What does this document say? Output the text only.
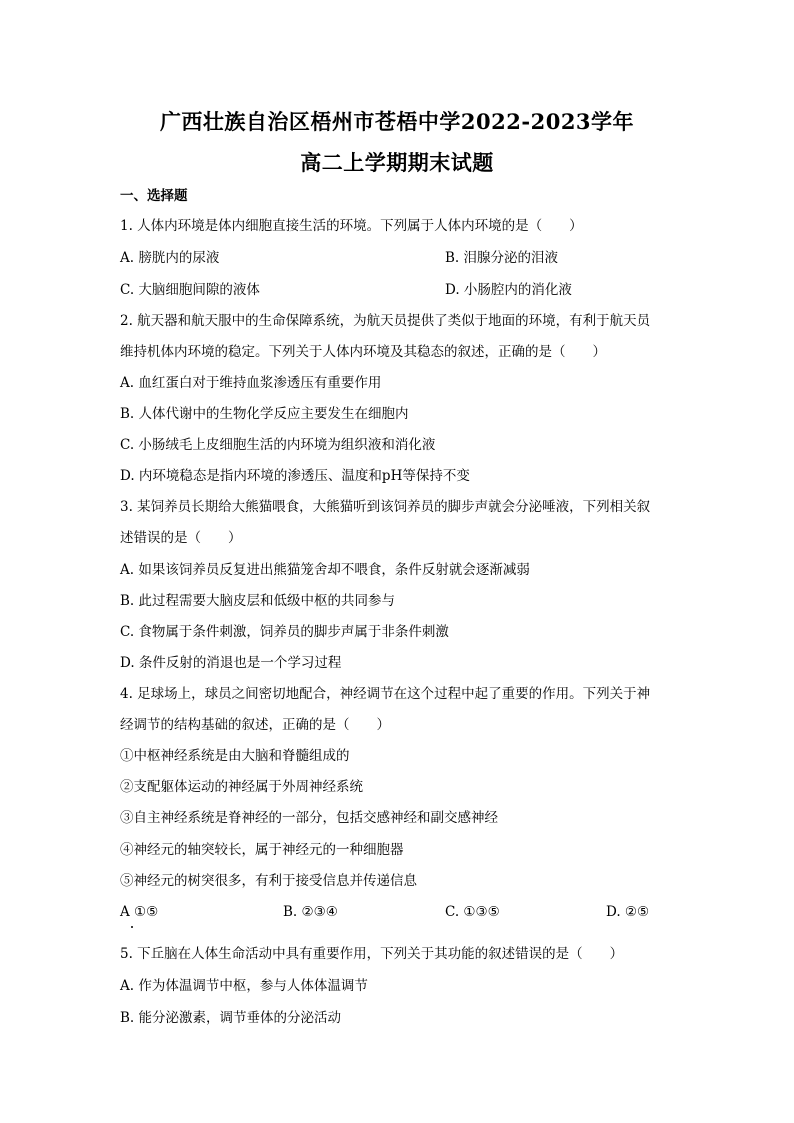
广西壮族自治区梧州市苍梧中学2022-2023学年
高二上学期期末试题
一、选择题
1. 人体内环境是体内细胞直接生活的环境。下列属于人体内环境的是（　　）
A. 膀胱内的尿液	B. 泪腺分泌的泪液
C. 大脑细胞间隙的液体	D. 小肠腔内的消化液
2. 航天器和航天服中的生命保障系统，为航天员提供了类似于地面的环境，有利于航天员
维持机体内环境的稳定。下列关于人体内环境及其稳态的叙述，正确的是（　　）
A. 血红蛋白对于维持血浆渗透压有重要作用
B. 人体代谢中的生物化学反应主要发生在细胞内
C. 小肠绒毛上皮细胞生活的内环境为组织液和消化液
D. 内环境稳态是指内环境的渗透压、温度和pH等保持不变
3. 某饲养员长期给大熊猫喂食，大熊猫听到该饲养员的脚步声就会分泌唾液，下列相关叙
述错误的是（　　）
A. 如果该饲养员反复进出熊猫笼舍却不喂食，条件反射就会逐渐减弱
B. 此过程需要大脑皮层和低级中枢的共同参与
C. 食物属于条件刺激，饲养员的脚步声属于非条件刺激
D. 条件反射的消退也是一个学习过程
4. 足球场上，球员之间密切地配合，神经调节在这个过程中起了重要的作用。下列关于神
经调节的结构基础的叙述，正确的是（　　）
①中枢神经系统是由大脑和脊髓组成的
②支配躯体运动的神经属于外周神经系统
③自主神经系统是脊神经的一部分，包括交感神经和副交感神经
④神经元的轴突较长，属于神经元的一种细胞器
⑤神经元的树突很多，有利于接受信息并传递信息
A ①⑤	B. ②③④	C. ①③⑤	D. ②⑤
5. 下丘脑在人体生命活动中具有重要作用，下列关于其功能的叙述错误的是（　　）
A. 作为体温调节中枢，参与人体体温调节
B. 能分泌激素，调节垂体的分泌活动
